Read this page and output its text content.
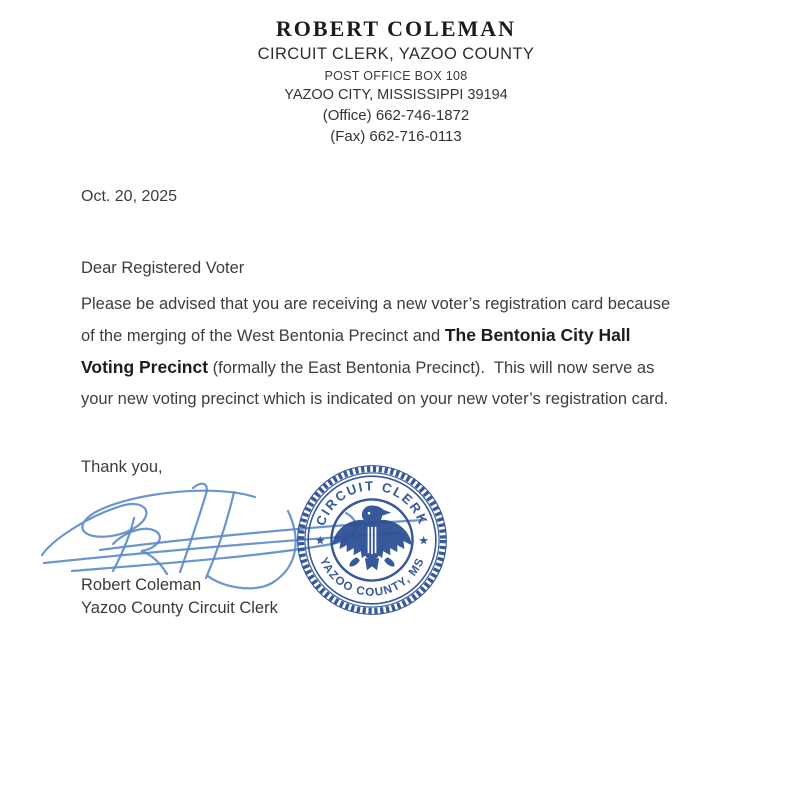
ROBERT COLEMAN
CIRCUIT CLERK, YAZOO COUNTY
POST OFFICE BOX 108
YAZOO CITY, MISSISSIPPI 39194
(Office) 662-746-1872
(Fax) 662-716-0113
Oct. 20, 2025
Dear Registered Voter
Please be advised that you are receiving a new voter’s registration card because
of the merging of the West Bentonia Precinct and The Bentonia City Hall
Voting Precinct (formally the East Bentonia Precinct).  This will now serve as
your new voting precinct which is indicated on your new voter’s registration card.
Thank you,
CIRCUIT CLERK
YAZOO COUNTY, MS
★	★
Robert Coleman
Yazoo County Circuit Clerk
